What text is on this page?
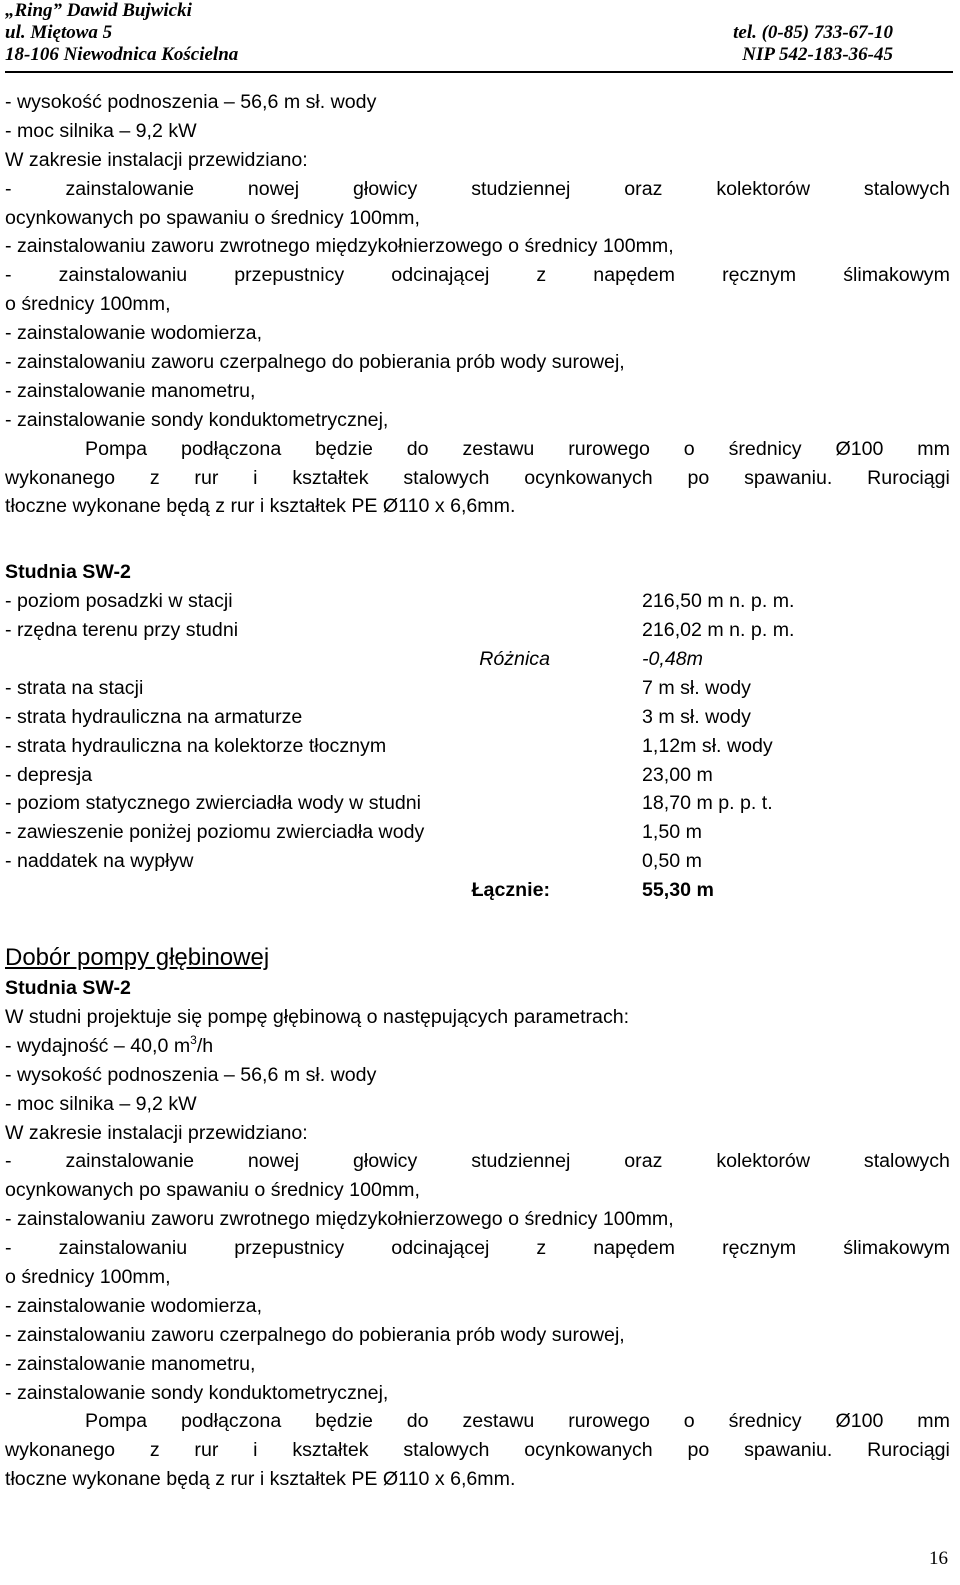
„Ring” Dawid Bujwicki
ul. Miętowa 5	tel. (0-85) 733-67-10
18-106 Niewodnica Kościelna	NIP 542-183-36-45
- wysokość podnoszenia – 56,6 m sł. wody
- moc silnika – 9,2 kW
W zakresie instalacji przewidziano:
-	zainstalowanie	nowej	głowicy	studziennej	oraz	kolektorów	stalowych
ocynkowanych po spawaniu o średnicy 100mm,
- zainstalowaniu zaworu zwrotnego międzykołnierzowego o średnicy 100mm,
- zainstalowaniu przepustnicy odcinającej z napędem ręcznym ślimakowym
o średnicy 100mm,
- zainstalowanie wodomierza,
- zainstalowaniu zaworu czerpalnego do pobierania prób wody surowej,
- zainstalowanie manometru,
- zainstalowanie sondy konduktometrycznej,
Pompa podłączona będzie do zestawu rurowego o średnicy Ø100 mm
wykonanego z rur i kształtek stalowych ocynkowanych po spawaniu. Rurociągi
tłoczne wykonane będą z rur i kształtek PE Ø110 x 6,6mm.
Studnia SW-2
- poziom posadzki w stacji	216,50 m n. p. m.
- rzędna terenu przy studni	216,02 m n. p. m.
Różnica	-0,48m
- strata na stacji	7 m sł. wody
- strata hydrauliczna na armaturze	3 m sł. wody
- strata hydrauliczna na kolektorze tłocznym	1,12m sł. wody
- depresja	23,00 m
- poziom statycznego zwierciadła wody w studni	18,70 m p. p. t.
- zawieszenie poniżej poziomu zwierciadła wody	1,50 m
- naddatek na wypływ	0,50 m
Łącznie:	55,30 m
Dobór pompy głębinowej
Studnia SW-2
W studni projektuje się pompę głębinową o następujących parametrach:
- wydajność – 40,0 $m^3/h$
- wysokość podnoszenia – 56,6 m sł. wody
- moc silnika – 9,2 kW
W zakresie instalacji przewidziano:
-	zainstalowanie	nowej	głowicy	studziennej	oraz	kolektorów	stalowych
ocynkowanych po spawaniu o średnicy 100mm,
- zainstalowaniu zaworu zwrotnego międzykołnierzowego o średnicy 100mm,
- zainstalowaniu przepustnicy odcinającej z napędem ręcznym ślimakowym
o średnicy 100mm,
- zainstalowanie wodomierza,
- zainstalowaniu zaworu czerpalnego do pobierania prób wody surowej,
- zainstalowanie manometru,
- zainstalowanie sondy konduktometrycznej,
Pompa podłączona będzie do zestawu rurowego o średnicy Ø100 mm
wykonanego z rur i kształtek stalowych ocynkowanych po spawaniu. Rurociągi
tłoczne wykonane będą z rur i kształtek PE Ø110 x 6,6mm.
16
